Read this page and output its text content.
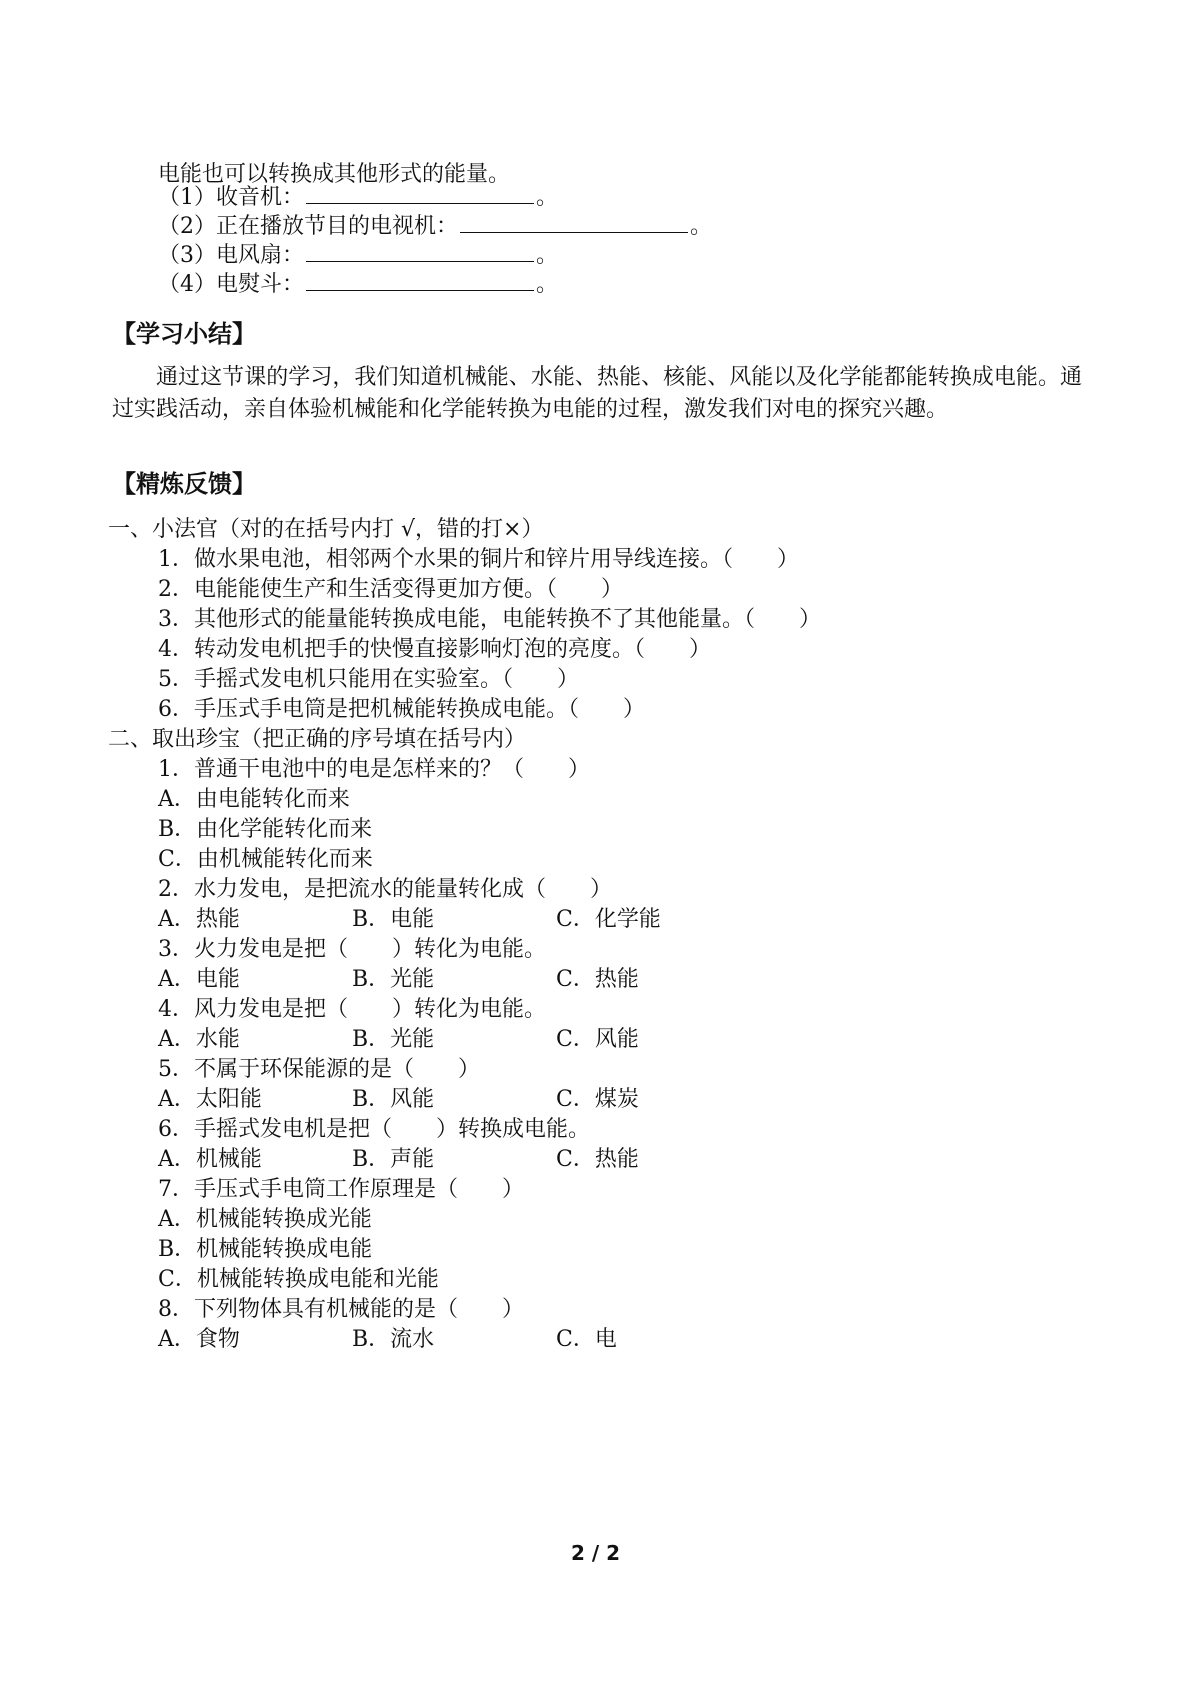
电能也可以转换成其他形式的能量。
（1）收音机：	。
（2）正在播放节目的电视机：	。
（3）电风扇：	。
（4）电熨斗：	。
【学习小结】

通过这节课的学习，我们知道机械能、水能、热能、核能、风能以及化学能都能转换成电能。通过实践活动，亲自体验机械能和化学能转换为电能的过程，激发我们对电的探究兴趣。

【精炼反馈】
一、小法官（对的在括号内打 √，错的打×）
1．做水果电池，相邻两个水果的铜片和锌片用导线连接。（　　）
2．电能能使生产和生活变得更加方便。（　　）
3．其他形式的能量能转换成电能，电能转换不了其他能量。（　　）
4．转动发电机把手的快慢直接影响灯泡的亮度。（　　）
5．手摇式发电机只能用在实验室。（　　）
6．手压式手电筒是把机械能转换成电能。（　　）
二、取出珍宝（把正确的序号填在括号内）
1．普通干电池中的电是怎样来的？（　　）
A．由电能转化而来
B．由化学能转化而来
C．由机械能转化而来
2．水力发电，是把流水的能量转化成（　　）
A．热能	B．电能	C．化学能
3．火力发电是把（　　）转化为电能。
A．电能	B．光能	C．热能
4．风力发电是把（　　）转化为电能。
A．水能	B．光能	C．风能
5．不属于环保能源的是（　　）
A．太阳能	B．风能	C．煤炭
6．手摇式发电机是把（　　）转换成电能。
A．机械能	B．声能	C．热能
7．手压式手电筒工作原理是（　　）
A．机械能转换成光能
B．机械能转换成电能
C．机械能转换成电能和光能
8．下列物体具有机械能的是（　　）
A．食物	B．流水	C．电
2 / 2
